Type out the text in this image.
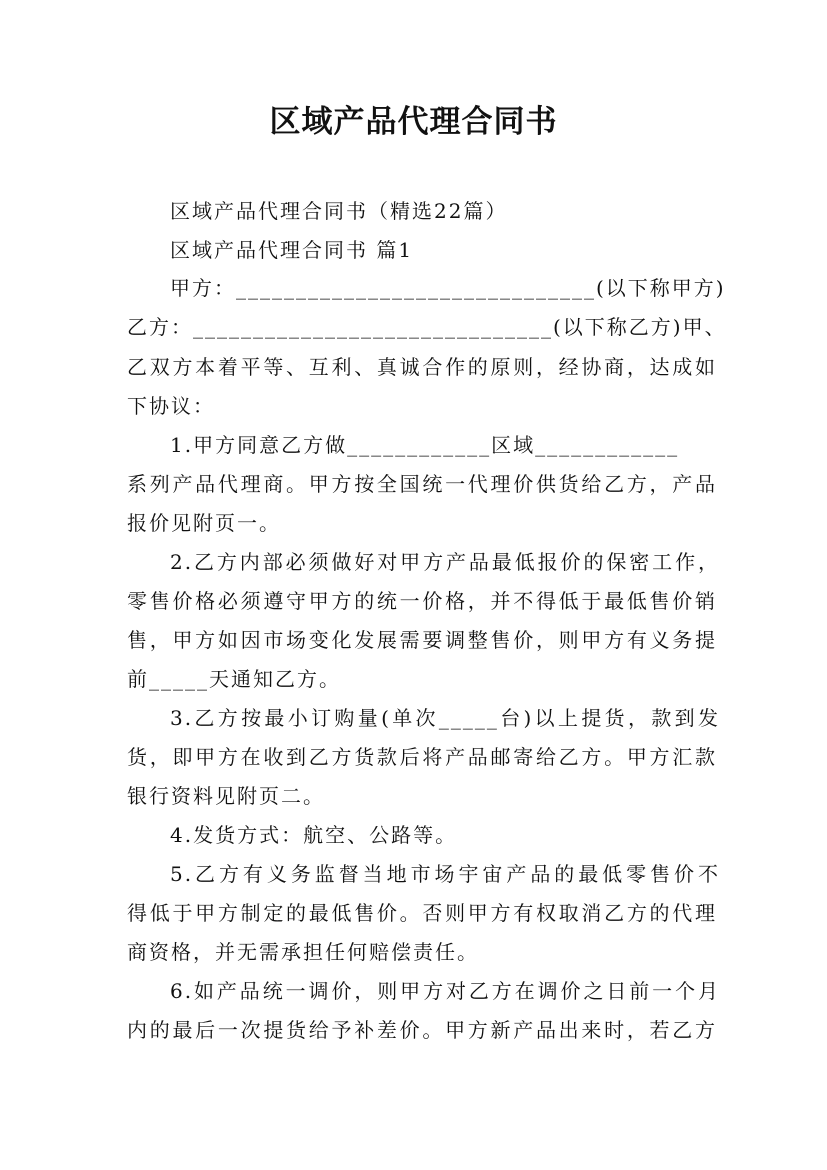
区域产品代理合同书
区域产品代理合同书（精选22篇）
区域产品代理合同书 篇1
甲方：______________________________(以下称甲方)
乙方：______________________________(以下称乙方)甲、
乙双方本着平等、互利、真诚合作的原则，经协商，达成如
下协议：
1.甲方同意乙方做____________区域____________
系列产品代理商。甲方按全国统一代理价供货给乙方，产品
报价见附页一。
2.乙方内部必须做好对甲方产品最低报价的保密工作，
零售价格必须遵守甲方的统一价格，并不得低于最低售价销
售，甲方如因市场变化发展需要调整售价，则甲方有义务提
前_____天通知乙方。
3.乙方按最小订购量(单次_____台)以上提货，款到发
货，即甲方在收到乙方货款后将产品邮寄给乙方。甲方汇款
银行资料见附页二。
4.发货方式：航空、公路等。
5.乙方有义务监督当地市场宇宙产品的最低零售价不
得低于甲方制定的最低售价。否则甲方有权取消乙方的代理
商资格，并无需承担任何赔偿责任。
6.如产品统一调价，则甲方对乙方在调价之日前一个月
内的最后一次提货给予补差价。甲方新产品出来时，若乙方
